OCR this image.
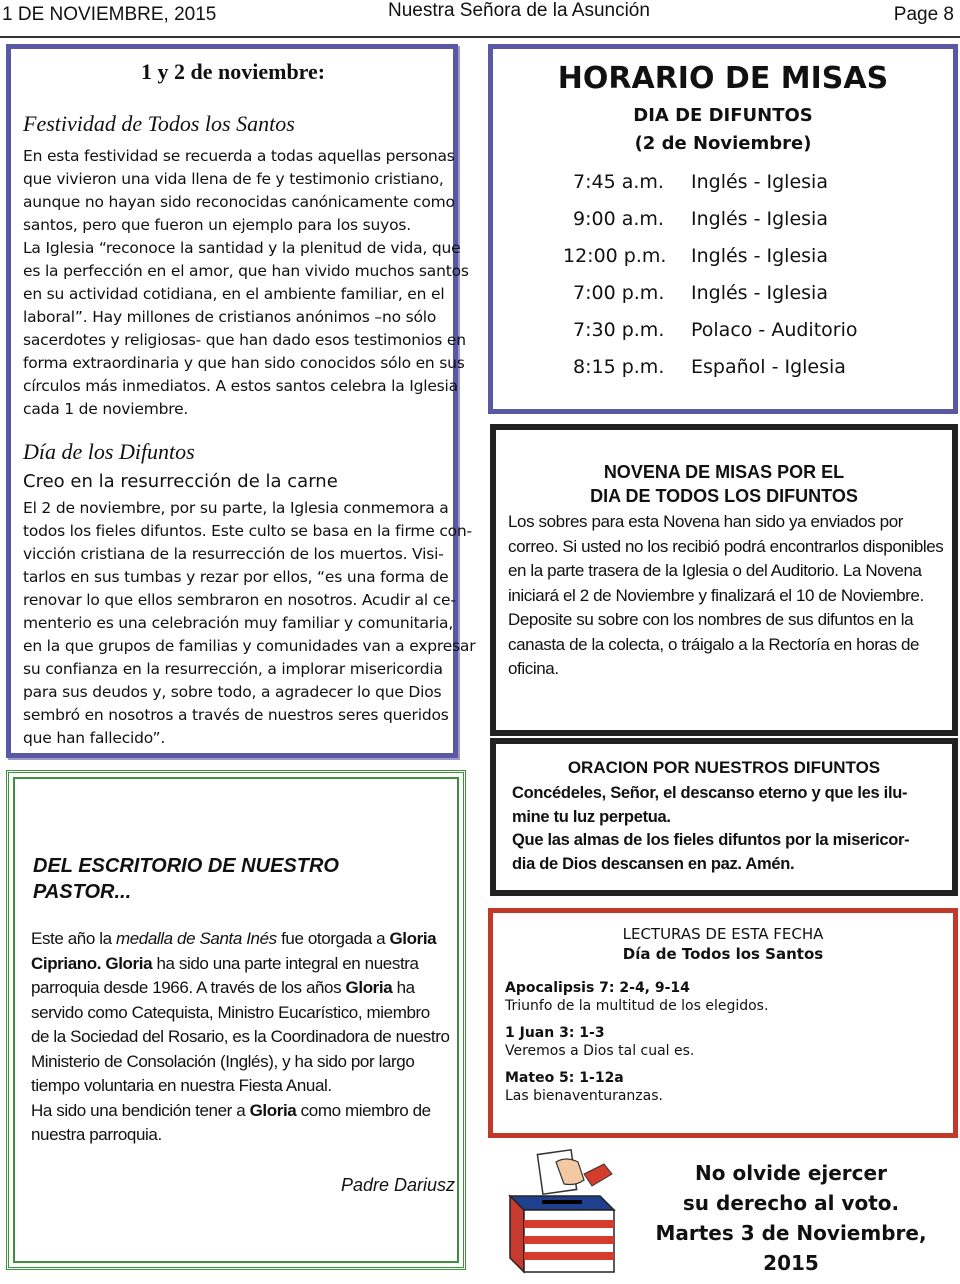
1 DE NOVIEMBRE, 2015	Nuestra Señora de la Asunción	Page 8
1 y 2 de noviembre:
Festividad de Todos los Santos
En esta festividad se recuerda a todas aquellas personas
que vivieron una vida llena de fe y testimonio cristiano,
aunque no hayan sido reconocidas canónicamente como
santos, pero que fueron un ejemplo para los suyos.
La Iglesia “reconoce la santidad y la plenitud de vida, que
es la perfección en el amor, que han vivido muchos santos
en su actividad cotidiana, en el ambiente familiar, en el
laboral”. Hay millones de cristianos anónimos –no sólo
sacerdotes y religiosas- que han dado esos testimonios en
forma extraordinaria y que han sido conocidos sólo en sus
círculos más inmediatos. A estos santos celebra la Iglesia
cada 1 de noviembre.
Día de los Difuntos
Creo en la resurrección de la carne
El 2 de noviembre, por su parte, la Iglesia conmemora a
todos los fieles difuntos. Este culto se basa en la firme con-
vicción cristiana de la resurrección de los muertos. Visi-
tarlos en sus tumbas y rezar por ellos, “es una forma de
renovar lo que ellos sembraron en nosotros. Acudir al ce-
menterio es una celebración muy familiar y comunitaria,
en la que grupos de familias y comunidades van a expresar
su confianza en la resurrección, a implorar misericordia
para sus deudos y, sobre todo, a agradecer lo que Dios
sembró en nosotros a través de nuestros seres queridos
que han fallecido”.
DEL ESCRITORIO DE NUESTRO
PASTOR...
Este año la medalla de Santa Inés fue otorgada a Gloria Cipriano. Gloria ha sido una parte integral en nuestra parroquia desde 1966. A través de los años Gloria ha servido como Catequista, Ministro Eucarístico, miembro de la Sociedad del Rosario, es la Coordinadora de nuestro Ministerio de Consolación (Inglés), y ha sido por largo tiempo voluntaria en nuestra Fiesta Anual.
Ha sido una bendición tener a Gloria como miembro de nuestra parroquia.
Padre Dariusz
HORARIO DE MISAS
DIA DE DIFUNTOS
(2 de Noviembre)
7:45 a.m. Inglés - Iglesia
9:00 a.m. Inglés - Iglesia
12:00 p.m. Inglés - Iglesia
7:00 p.m. Inglés - Iglesia
7:30 p.m. Polaco - Auditorio
8:15 p.m. Español - Iglesia
NOVENA DE MISAS POR EL
DIA DE TODOS LOS DIFUNTOS
Los sobres para esta Novena han sido ya enviados por correo. Si usted no los recibió podrá encontrarlos disponibles en la parte trasera de la Iglesia o del Auditorio. La Novena iniciará el 2 de Noviembre y finalizará el 10 de Noviembre.
Deposite su sobre con los nombres de sus difuntos en la canasta de la colecta, o tráigalo a la Rectoría en horas de oficina.
ORACION POR NUESTROS DIFUNTOS
Concédeles, Señor, el descanso eterno y que les ilu-
mine tu luz perpetua.
Que las almas de los fieles difuntos por la misericor-
dia de Dios descansen en paz. Amén.
LECTURAS DE ESTA FECHA
Día de Todos los Santos
Apocalipsis 7: 2-4, 9-14
Triunfo de la multitud de los elegidos.
1 Juan 3: 1-3
Veremos a Dios tal cual es.
Mateo 5: 1-12a
Las bienaventuranzas.
No olvide ejercer
su derecho al voto.
Martes 3 de Noviembre, 2015
